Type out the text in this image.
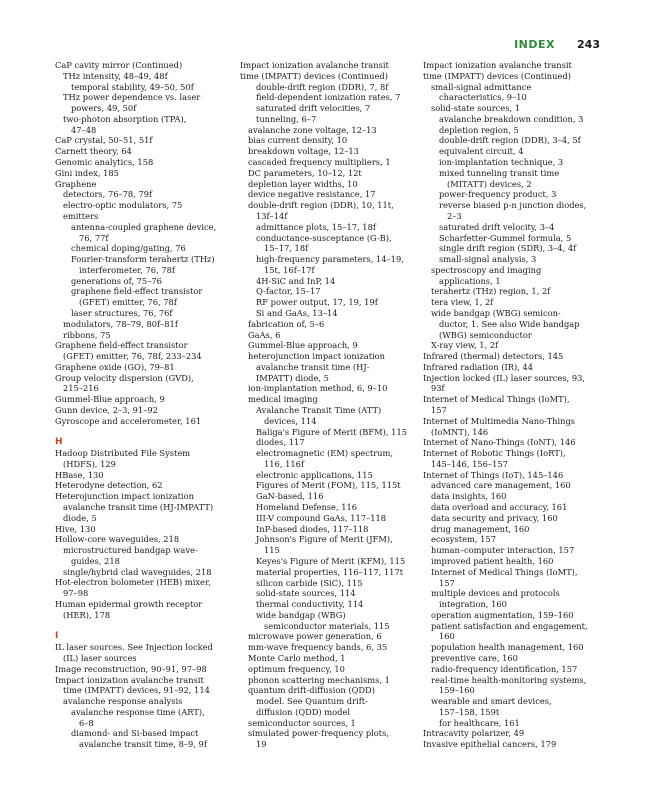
INDEX 243
CaP cavity mirror (Continued)
THz intensity, 48–49, 48f
temporal stability, 49–50, 50f
THz power dependence vs. laser
powers, 49, 50f
two-photon absorption (TPA),
47–48
CaP crystal, 50–51, 51f
Carnett theory, 64
Genomic analytics, 158
Gini index, 185
Graphene
detectors, 76–78, 79f
electro-optic modulators, 75
emitters
antenna-coupled graphene device,
76, 77f
chemical doping/gating, 76
Fourier-transform terahertz (THz)
interferometer, 76, 78f
generations of, 75–76
graphene field-effect transistor
(GFET) emitter, 76, 78f
laser structures, 76, 76f
modulators, 78–79, 80f–81f
ribbons, 75
Graphene field-effect transistor
(GFET) emitter, 76, 78f, 233–234
Graphene oxide (GO), 79–81
Group velocity dispersion (GVD),
215–216
Gummel-Blue approach, 9
Gunn device, 2–3, 91–92
Gyroscope and accelerometer, 161
H
Hadoop Distributed File System
(HDFS), 129
HBase, 130
Heterodyne detection, 62
Heterojunction impact ionization
avalanche transit time (HJ-IMPATT)
diode, 5
Hive, 130
Hollow-core waveguides, 218
microstructured bandgap wave-
guides, 218
single/hybrid clad waveguides, 218
Hot-electron bolometer (HEB) mixer,
97–98
Human epidermal growth receptor
(HER), 178
I
IL laser sources. See Injection locked
(IL) laser sources
Image reconstruction, 90–91, 97–98
Impact ionization avalanche transit
time (IMPATT) devices, 91–92, 114
avalanche response analysis
avalanche response time (ART),
6–8
diamond- and Si-based impact
avalanche transit time, 8–9, 9f
Impact ionization avalanche transit
time (IMPATT) devices (Continued)
double-drift region (DDR), 7, 8f
field-dependent ionization rates, 7
saturated drift velocities, 7
tunneling, 6–7
avalanche zone voltage, 12–13
bias current density, 10
breakdown voltage, 12–13
cascaded frequency multipliers, 1
DC parameters, 10–12, 12t
depletion layer widths, 10
device negative resistance, 17
double-drift region (DDR), 10, 11t,
13f–14f
admittance plots, 15–17, 18f
conductance-susceptance (G-B),
15–17, 18f
high-frequency parameters, 14–19,
15t, 16f–17f
4H-SiC and InP, 14
Q-factor, 15–17
RF power output, 17, 19, 19f
Si and GaAs, 13–14
fabrication of, 5–6
GaAs, 6
Gummel-Blue approach, 9
heterojunction impact ionization
avalanche transit time (HJ-
IMPATT) diode, 5
ion-implantation method, 6, 9–10
medical imaging
Avalanche Transit Time (ATT)
devices, 114
Baliga's Figure of Merit (BFM), 115
diodes, 117
electromagnetic (EM) spectrum,
116, 116f
electronic applications, 115
Figures of Merit (FOM), 115, 115t
GaN-based, 116
Homeland Defense, 116
III-V compound GaAs, 117–118
InP-based diodes, 117–118
Johnson's Figure of Merit (JFM),
115
Keyes's Figure of Merit (KFM), 115
material properties, 116–117, 117t
silicon carbide (SiC), 115
solid-state sources, 114
thermal conductivity, 114
wide bandgap (WBG)
semiconductor materials, 115
microwave power generation, 6
mm-wave frequency bands, 6, 35
Monte Carlo method, 1
optimum frequency, 10
phonon scattering mechanisms, 1
quantum drift-diffusion (QDD)
model. See Quantum drift-
diffusion (QDD) model
semiconductor sources, 1
simulated power-frequency plots,
19
Impact ionization avalanche transit
time (IMPATT) devices (Continued)
small-signal admittance
characteristics, 9–10
solid-state sources, 1
avalanche breakdown condition, 3
depletion region, 5
double-drift region (DDR), 3–4, 5f
equivalent circuit, 4
ion-implantation technique, 3
mixed tunneling transit time
(MITATT) devices, 2
power-frequency product, 3
reverse biased p-n junction diodes,
2–3
saturated drift velocity, 3–4
Scharfetter-Gummel formula, 5
single drift region (SDR), 3–4, 4f
small-signal analysis, 3
spectroscopy and imaging
applications, 1
terahertz (THz) region, 1, 2f
tera view, 1, 2f
wide bandgap (WBG) semicon-
ductor, 1. See also Wide bandgap
(WBG) semiconductor
X-ray view, 1, 2f
Infrared (thermal) detectors, 145
Infrared radiation (IR), 44
Injection locked (IL) laser sources, 93,
93f
Internet of Medical Things (IoMT),
157
Internet of Multimedia Nano-Things
(IoMNT), 146
Internet of Nano-Things (IoNT), 146
Internet of Robotic Things (IoRT),
145–146, 156–157
Internet of Things (IoT), 145–146
advanced care management, 160
data insights, 160
data overload and accuracy, 161
data security and privacy, 160
drug management, 160
ecosystem, 157
human–computer interaction, 157
improved patient health, 160
Internet of Medical Things (IoMT),
157
multiple devices and protocols
integration, 160
operation augmentation, 159–160
patient satisfaction and engagement,
160
population health management, 160
preventive care, 160
radio-frequency identification, 157
real-time health-monitoring systems,
159–160
wearable and smart devices,
157–158, 159t
for healthcare, 161
Intracavity polarizer, 49
Invasive epithelial cancers, 179
